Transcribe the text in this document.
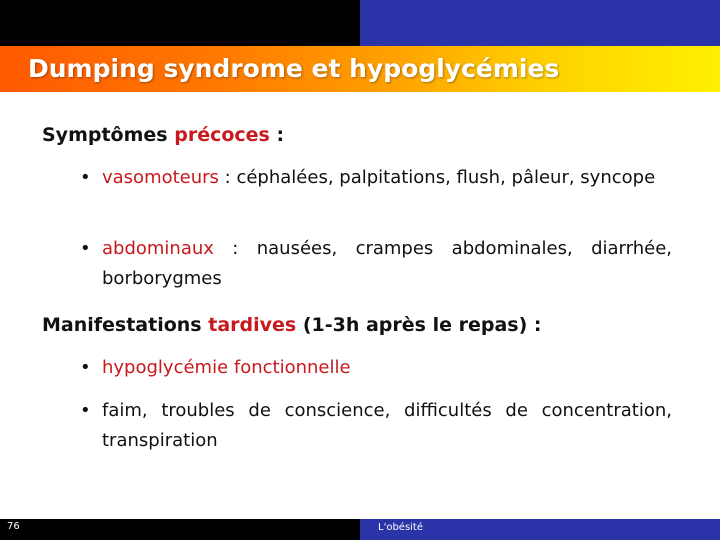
Dumping syndrome et hypoglycémies
Symptômes précoces :
• vasomoteurs : céphalées, palpitations, flush, pâleur, syncope
• abdominaux : nausées, crampes abdominales, diarrhée, borborygmes
Manifestations tardives (1-3h après le repas) :
• hypoglycémie fonctionnelle
• faim, troubles de conscience, difficultés de concentration, transpiration
76	L'obésité
